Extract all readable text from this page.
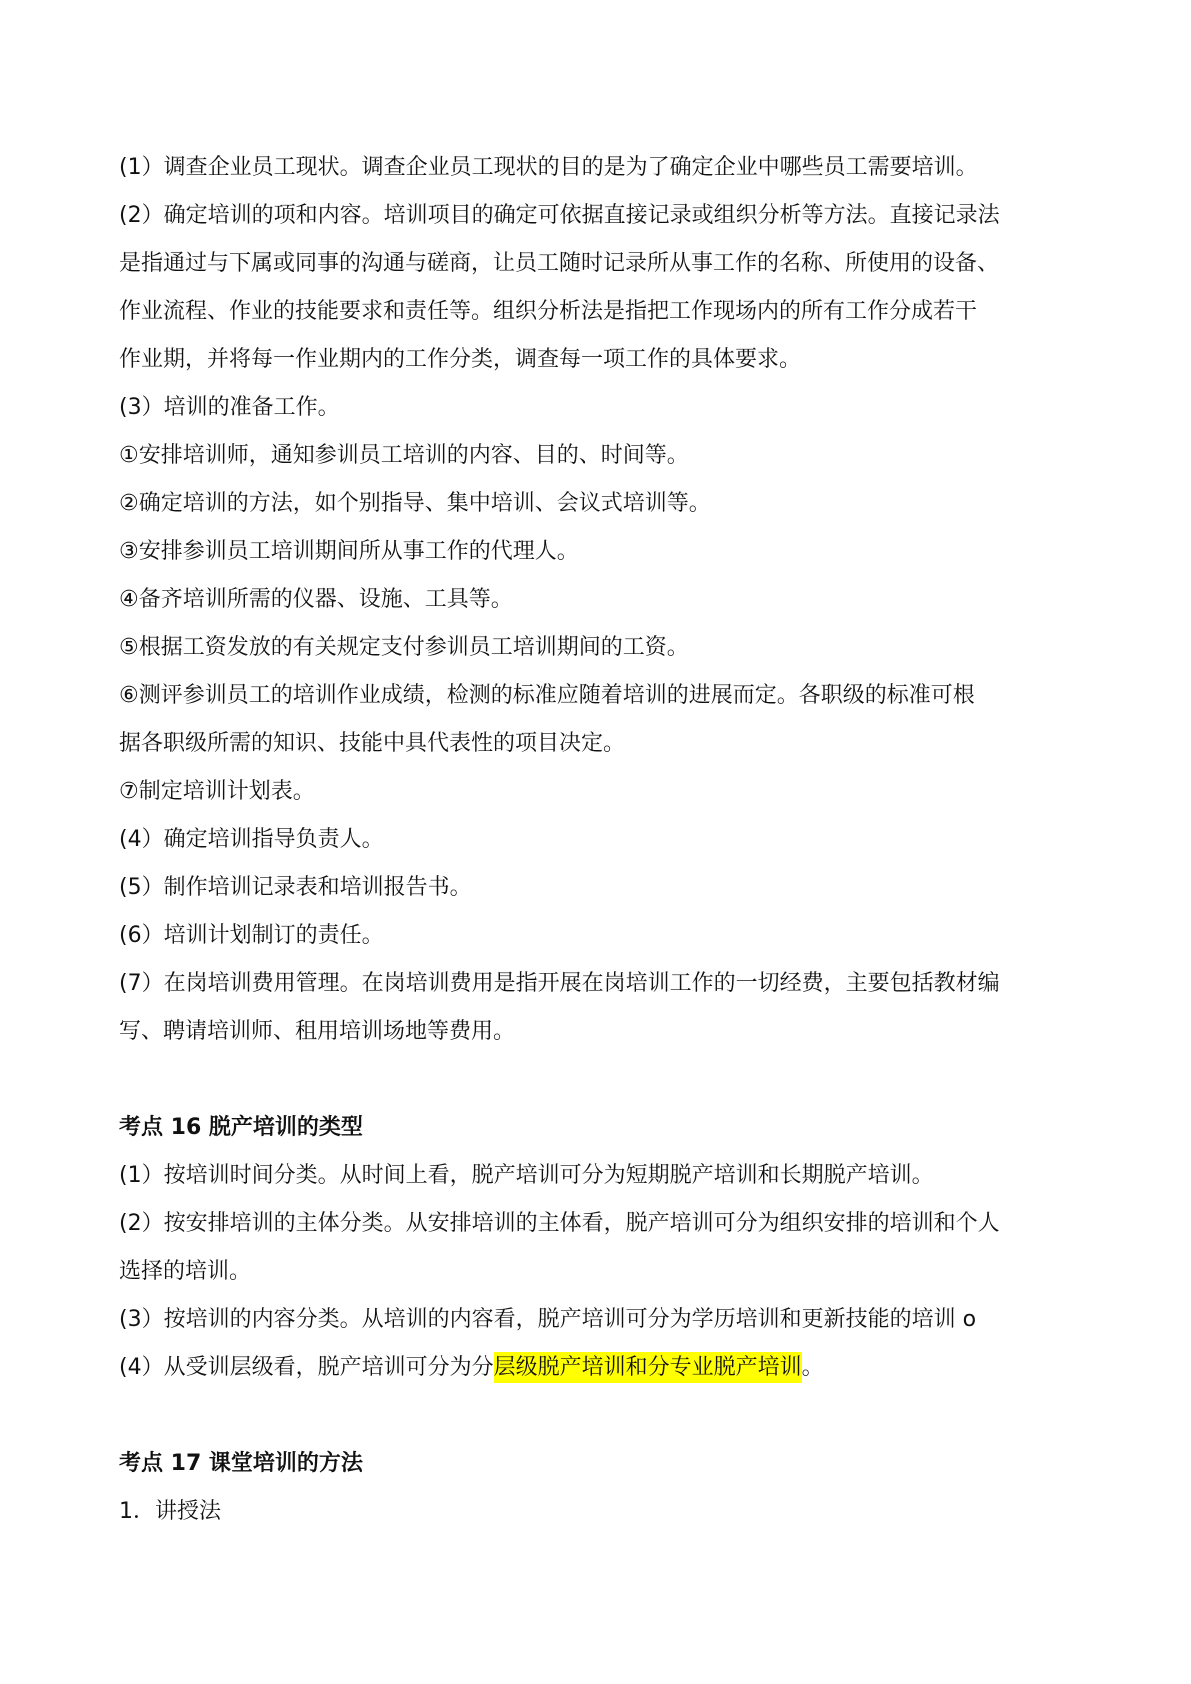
(1）调查企业员工现状。调查企业员工现状的目的是为了确定企业中哪些员工需要培训。
(2）确定培训的项和内容。培训项目的确定可依据直接记录或组织分析等方法。直接记录法
是指通过与下属或同事的沟通与磋商，让员工随时记录所从事工作的名称、所使用的设备、
作业流程、作业的技能要求和责任等。组织分析法是指把工作现场内的所有工作分成若干
作业期，并将每一作业期内的工作分类，调查每一项工作的具体要求。
(3）培训的准备工作。
①安排培训师，通知参训员工培训的内容、目的、时间等。
②确定培训的方法，如个别指导、集中培训、会议式培训等。
③安排参训员工培训期间所从事工作的代理人。
④备齐培训所需的仪器、设施、工具等。
⑤根据工资发放的有关规定支付参训员工培训期间的工资。
⑥测评参训员工的培训作业成绩，检测的标准应随着培训的进展而定。各职级的标准可根
据各职级所需的知识、技能中具代表性的项目决定。
⑦制定培训计划表。
(4）确定培训指导负责人。
(5）制作培训记录表和培训报告书。
(6）培训计划制订的责任。
(7）在岗培训费用管理。在岗培训费用是指开展在岗培训工作的一切经费，主要包括教材编
写、聘请培训师、租用培训场地等费用。
考点 16 脱产培训的类型
(1）按培训时间分类。从时间上看，脱产培训可分为短期脱产培训和长期脱产培训。
(2）按安排培训的主体分类。从安排培训的主体看，脱产培训可分为组织安排的培训和个人
选择的培训。
(3）按培训的内容分类。从培训的内容看，脱产培训可分为学历培训和更新技能的培训 o
(4）从受训层级看，脱产培训可分为分层级脱产培训和分专业脱产培训。
考点 17 课堂培训的方法
1．讲授法
